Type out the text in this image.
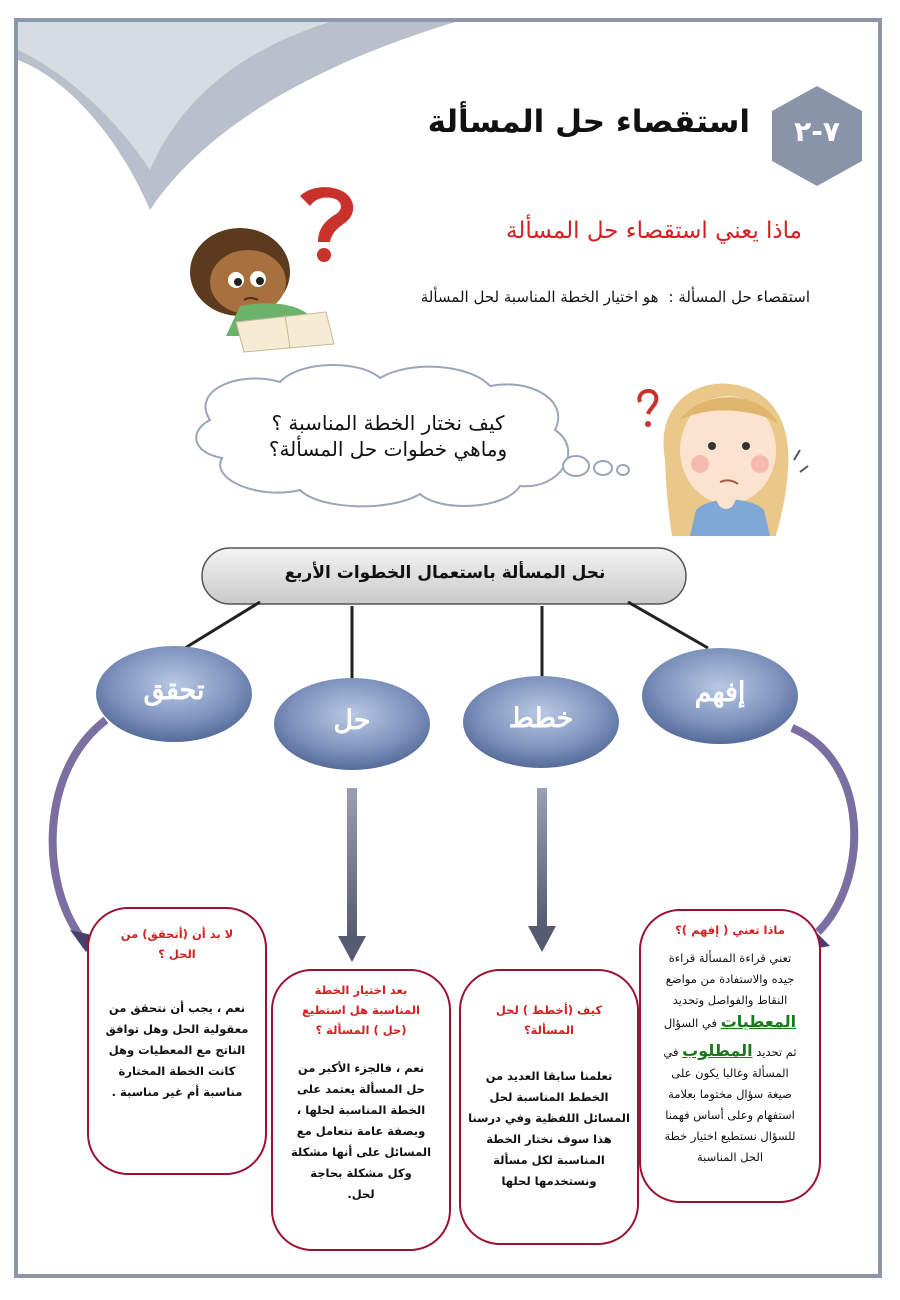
استقصاء حل المسألة	٧-٢
ماذا يعني استقصاء حل المسألة
استقصاء حل المسألة :هو اختيار الخطة المناسبة لحل المسألة
كيف نختار الخطة المناسبة ؟
وماهي خطوات حل المسألة؟
نحل المسألة باستعمال الخطوات الأربع
إفهم
خطط
حل
تحقق
ماذا تعني ( إفهم )؟
تعني قراءة المسألة قراءة
جيده والاستفادة من مواضع
النقاط والفواصل وتحديد
المعطيات في السؤال
ثم تحديد المطلوب في
المسألة وغالبا يكون على
صيغة سؤال مختوما بعلامة
استفهام وعلى أساس فهمنا
للسؤال نستطيع اختيار خطة
الحل المناسبة
كيف (أخطط ) لحل
المسألة؟
تعلمنا سابقا العديد من
الخطط المناسبة لحل
المسائل اللفظية وفي درسنا
هذا سوف نختار الخطة
المناسبة لكل مسألة
ونستخدمها لحلها
بعد اختيار الخطة
المناسبة هل استطيع
(حل ) المسألة ؟
نعم ، فالجزء الأكبر من
حل المسألة يعتمد على
الخطة المناسبة لحلها ،
وبصفة عامة نتعامل مع
المسائل على أنها مشكلة
وكل مشكلة بحاجة
لحل.
لا بد أن (أتحقق) من
الحل ؟
نعم ، يجب أن نتحقق من
معقولية الحل وهل توافق
الناتج مع المعطيات وهل
كانت الخطة المختارة
مناسبة أم غير مناسبة .
